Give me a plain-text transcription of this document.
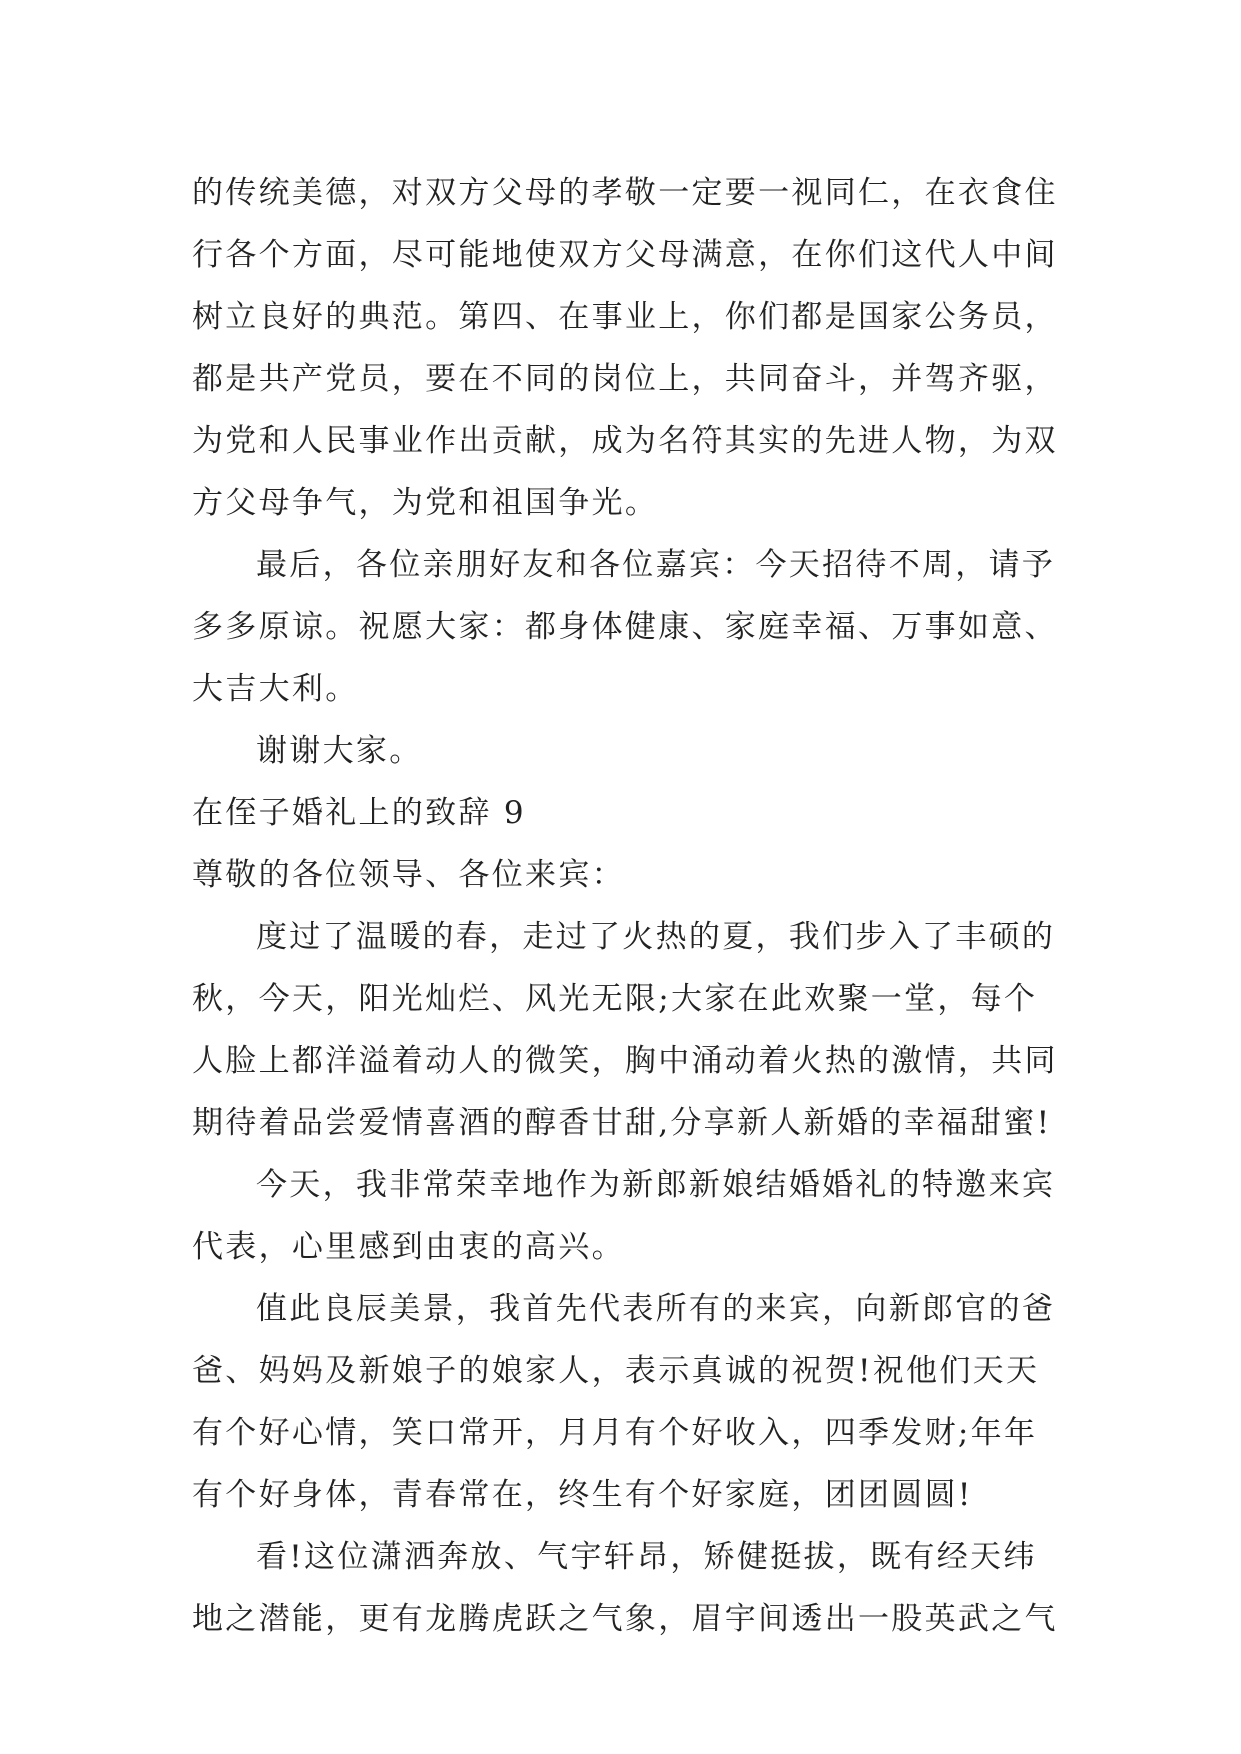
的传统美德，对双方父母的孝敬一定要一视同仁，在衣食住
行各个方面，尽可能地使双方父母满意，在你们这代人中间
树立良好的典范。第四、在事业上，你们都是国家公务员，
都是共产党员，要在不同的岗位上，共同奋斗，并驾齐驱，
为党和人民事业作出贡献，成为名符其实的先进人物，为双
方父母争气，为党和祖国争光。
最后，各位亲朋好友和各位嘉宾：今天招待不周，请予
多多原谅。祝愿大家：都身体健康、家庭幸福、万事如意、
大吉大利。
谢谢大家。
在侄子婚礼上的致辞 9
尊敬的各位领导、各位来宾：
度过了温暖的春，走过了火热的夏，我们步入了丰硕的
秋，今天，阳光灿烂、风光无限;大家在此欢聚一堂，每个
人脸上都洋溢着动人的微笑，胸中涌动着火热的激情，共同
期待着品尝爱情喜酒的醇香甘甜,分享新人新婚的幸福甜蜜!
今天，我非常荣幸地作为新郎新娘结婚婚礼的特邀来宾
代表，心里感到由衷的高兴。
值此良辰美景，我首先代表所有的来宾，向新郎官的爸
爸、妈妈及新娘子的娘家人，表示真诚的祝贺!祝他们天天
有个好心情，笑口常开，月月有个好收入，四季发财;年年
有个好身体，青春常在，终生有个好家庭，团团圆圆!
看!这位潇洒奔放、气宇轩昂，矫健挺拔，既有经天纬
地之潜能，更有龙腾虎跃之气象，眉宇间透出一股英武之气
